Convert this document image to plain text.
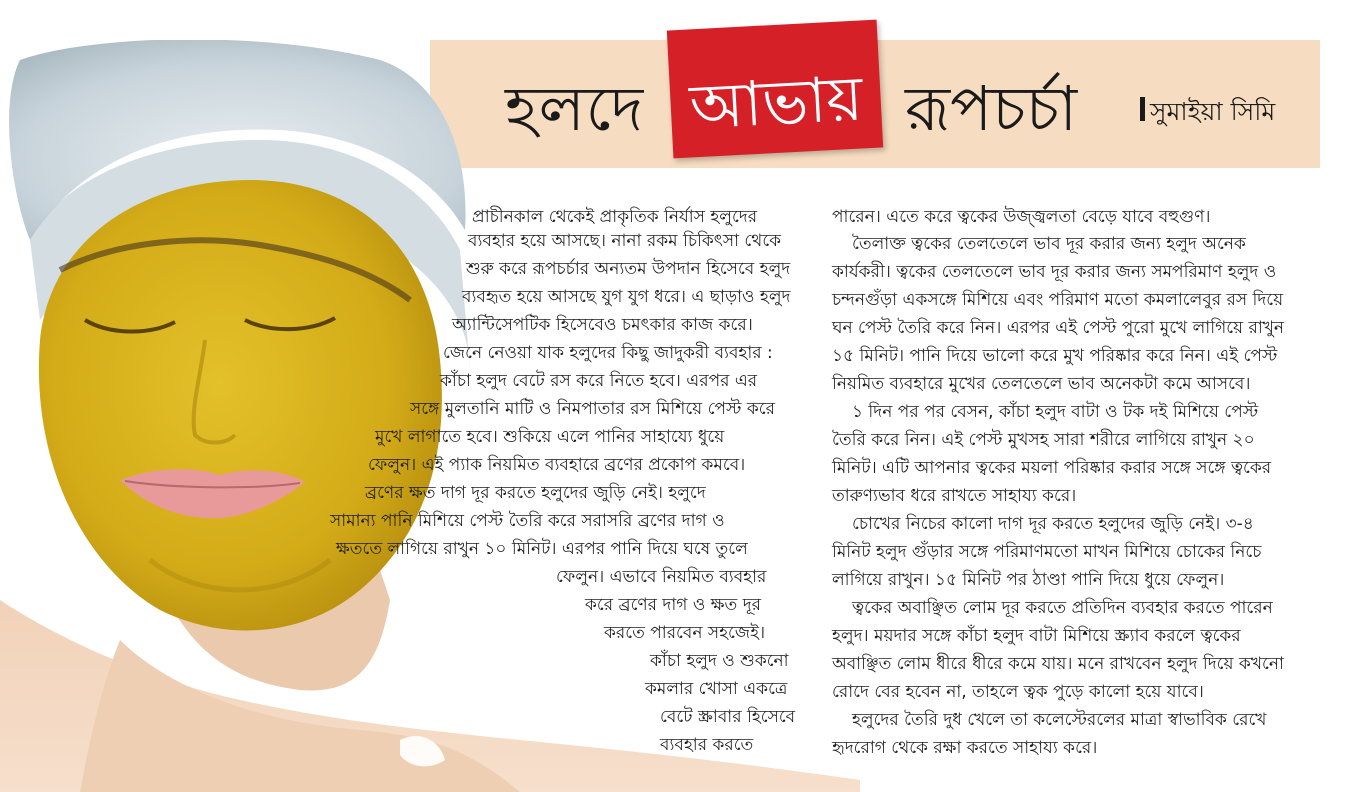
হলদে আভায় রূপচর্চা	সুমাইয়া সিমি
প্রাচীনকাল থেকেই প্রাকৃতিক নির্যাস হলুদের
ব্যবহার হয়ে আসছে। নানা রকম চিকিৎসা থেকে
শুরু করে রূপচর্চার অন্যতম উপদান হিসেবে হলুদ
ব্যবহৃত হয়ে আসছে যুগ যুগ ধরে। এ ছাড়াও হলুদ
অ্যান্টিসেপটিক হিসেবেও চমৎকার কাজ করে।
জেনে নেওয়া যাক হলুদের কিছু জাদুকরী ব্যবহার :
কাঁচা হলুদ বেটে রস করে নিতে হবে। এরপর এর
সঙ্গে মুলতানি মাটি ও নিমপাতার রস মিশিয়ে পেস্ট করে
মুখে লাগাতে হবে। শুকিয়ে এলে পানির সাহায্যে ধুয়ে
ফেলুন। এই প্যাক নিয়মিত ব্যবহারে ব্রণের প্রকোপ কমবে।
ব্রণের ক্ষত দাগ দূর করতে হলুদের জুড়ি নেই। হলুদে
সামান্য পানি মিশিয়ে পেস্ট তৈরি করে সরাসরি ব্রণের দাগ ও
ক্ষততে লাগিয়ে রাখুন ১০ মিনিট। এরপর পানি দিয়ে ঘষে তুলে
ফেলুন। এভাবে নিয়মিত ব্যবহার
করে ব্রণের দাগ ও ক্ষত দূর
করতে পারবেন সহজেই।
কাঁচা হলুদ ও শুকনো
কমলার খোসা একত্রে
বেটে স্ক্রাবার হিসেবে
ব্যবহার করতে
পারেন। এতে করে ত্বকের উজ্জ্বলতা বেড়ে যাবে বহুগুণ।
তৈলাক্ত ত্বকের তেলতেলে ভাব দূর করার জন্য হলুদ অনেক
কার্যকরী। ত্বকের তেলতেলে ভাব দূর করার জন্য সমপরিমাণ হলুদ ও
চন্দনগুঁড়া একসঙ্গে মিশিয়ে এবং পরিমাণ মতো কমলালেবুর রস দিয়ে
ঘন পেস্ট তৈরি করে নিন। এরপর এই পেস্ট পুরো মুখে লাগিয়ে রাখুন
১৫ মিনিট। পানি দিয়ে ভালো করে মুখ পরিষ্কার করে নিন। এই পেস্ট
নিয়মিত ব্যবহারে মুখের তেলতেলে ভাব অনেকটা কমে আসবে।
১ দিন পর পর বেসন, কাঁচা হলুদ বাটা ও টক দই মিশিয়ে পেস্ট
তৈরি করে নিন। এই পেস্ট মুখসহ সারা শরীরে লাগিয়ে রাখুন ২০
মিনিট। এটি আপনার ত্বকের ময়লা পরিষ্কার করার সঙ্গে সঙ্গে ত্বকের
তারুণ্যভাব ধরে রাখতে সাহায্য করে।
চোখের নিচের কালো দাগ দূর করতে হলুদের জুড়ি নেই। ৩-৪
মিনিট হলুদ গুঁড়ার সঙ্গে পরিমাণমতো মাখন মিশিয়ে চোকের নিচে
লাগিয়ে রাখুন। ১৫ মিনিট পর ঠাণ্ডা পানি দিয়ে ধুয়ে ফেলুন।
ত্বকের অবাঞ্ছিত লোম দূর করতে প্রতিদিন ব্যবহার করতে পারেন
হলুদ। ময়দার সঙ্গে কাঁচা হলুদ বাটা মিশিয়ে স্ক্র্যাব করলে ত্বকের
অবাঞ্ছিত লোম ধীরে ধীরে কমে যায়। মনে রাখবেন হলুদ দিয়ে কখনো
রোদে বের হবেন না, তাহলে ত্বক পুড়ে কালো হয়ে যাবে।
হলুদের তৈরি দুধ খেলে তা কলেস্টেরলের মাত্রা স্বাভাবিক রেখে
হৃদরোগ থেকে রক্ষা করতে সাহায্য করে।
